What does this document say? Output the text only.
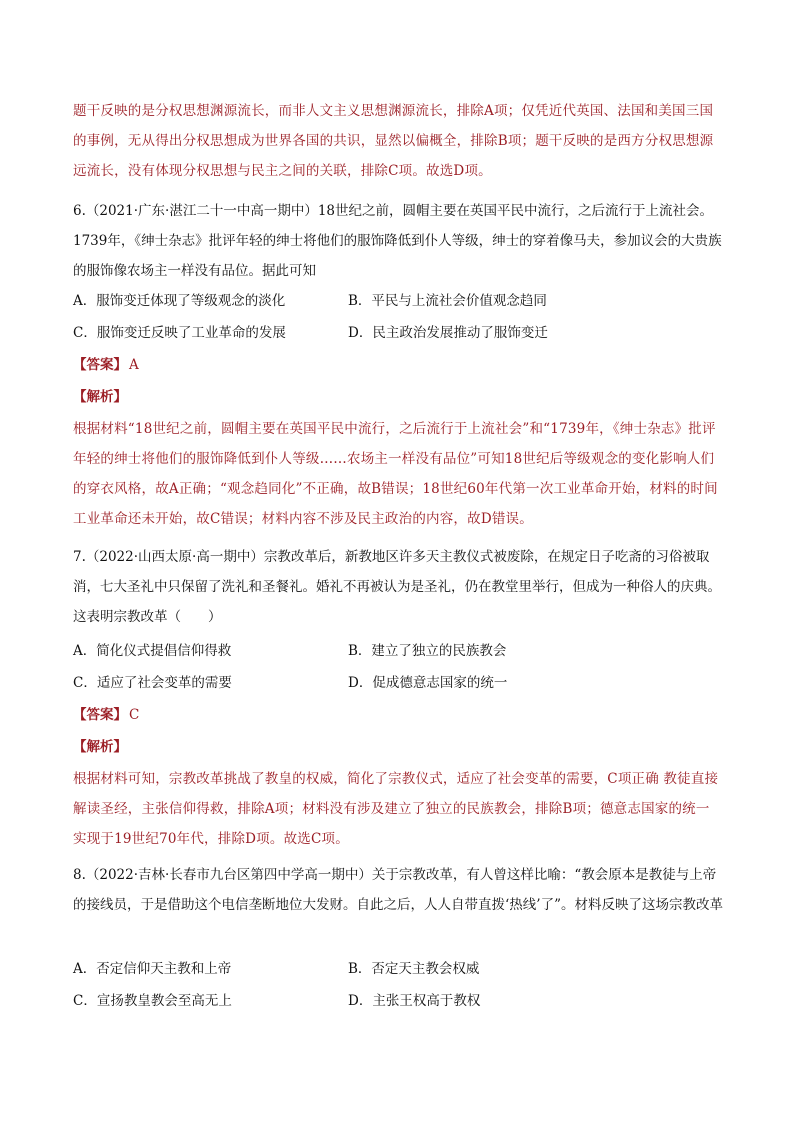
题干反映的是分权思想渊源流长，而非人文主义思想渊源流长，排除A项；仅凭近代英国、法国和美国三国的事例，无从得出分权思想成为世界各国的共识，显然以偏概全，排除B项；题干反映的是西方分权思想源远流长，没有体现分权思想与民主之间的关联，排除C项。故选D项。
6.（2021·广东·湛江二十一中高一期中）18世纪之前，圆帽主要在英国平民中流行，之后流行于上流社会。1739年，《绅士杂志》批评年轻的绅士将他们的服饰降低到仆人等级，绅士的穿着像马夫，参加议会的大贵族的服饰像农场主一样没有品位。据此可知
A．服饰变迁体现了等级观念的淡化	B．平民与上流社会价值观念趋同
C．服饰变迁反映了工业革命的发展	D．民主政治发展推动了服饰变迁
【答案】 A
【解析】
根据材料“18世纪之前，圆帽主要在英国平民中流行，之后流行于上流社会”和“1739年，《绅士杂志》批评年轻的绅士将他们的服饰降低到仆人等级……农场主一样没有品位”可知18世纪后等级观念的变化影响人们的穿衣风格，故A正确；“观念趋同化”不正确，故B错误；18世纪60年代第一次工业革命开始，材料的时间工业革命还未开始，故C错误；材料内容不涉及民主政治的内容，故D错误。
7.（2022·山西太原·高一期中）宗教改革后，新教地区许多天主教仪式被废除，在规定日子吃斋的习俗被取消，七大圣礼中只保留了洗礼和圣餐礼。婚礼不再被认为是圣礼，仍在教堂里举行，但成为一种俗人的庆典。这表明宗教改革（　　）
A．简化仪式提倡信仰得救	B．建立了独立的民族教会
C．适应了社会变革的需要	D．促成德意志国家的统一
【答案】 C
【解析】
根据材料可知，宗教改革挑战了教皇的权威，简化了宗教仪式，适应了社会变革的需要，C项正确 教徒直接解读圣经，主张信仰得救，排除A项；材料没有涉及建立了独立的民族教会，排除B项；德意志国家的统一实现于19世纪70年代，排除D项。故选C项。
8.（2022·吉林·长春市九台区第四中学高一期中）关于宗教改革，有人曾这样比喻：“教会原本是教徒与上帝的接线员，于是借助这个电信垄断地位大发财。自此之后，人人自带直拨‘热线’了”。材料反映了这场宗教改革
A．否定信仰天主教和上帝	B．否定天主教会权威
C．宣扬教皇教会至高无上	D．主张王权高于教权
